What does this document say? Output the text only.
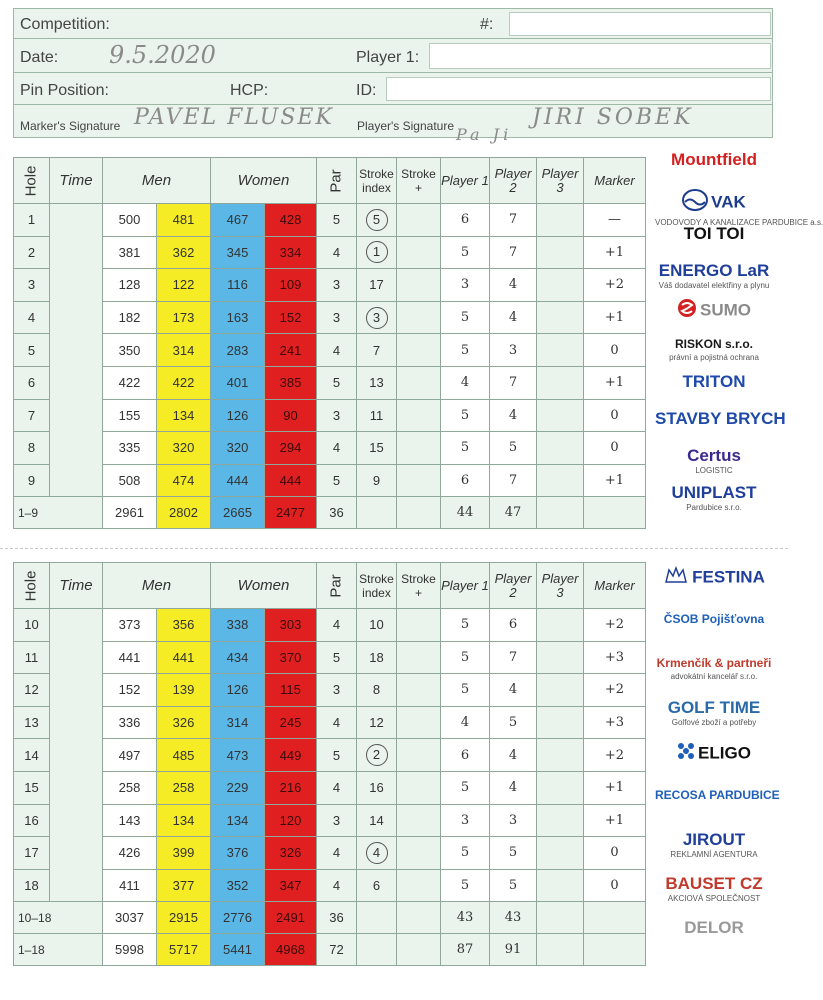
Competition:	#:
Date: 9.5.2020	Player 1:
Pin Position:	HCP:	ID:
Marker's Signature PAVEL FLUSEK Player's Signature	JIRI SOBEK
Pa Ji
Hole	Time	Men		Women		Par	Stroke index	Stroke +	Player 1	Player 2	Player 3	Marker
1		500	481	467	428	5	5		6	7		—
2		381	362	345	334	4	1		5	7		+1
3		128	122	116	109	3	17		3	4		+2
4		182	173	163	152	3	3		5	4		+1
5		350	314	283	241	4	7		5	3		0
6		422	422	401	385	5	13		4	7		+1
7		155	134	126	90	3	11		5	4		0
8		335	320	320	294	4	15		5	5		0
9		508	474	444	444	5	9		6	7		+1
1–9		2961	2802	2665	2477	36			44	47		
Hole	Time	Men		Women		Par	Stroke index	Stroke +	Player 1	Player 2	Player 3	Marker
10		373	356	338	303	4	10		5	6		+2
11		441	441	434	370	5	18		5	7		+3
12		152	139	126	115	3	8		5	4		+2
13		336	326	314	245	4	12		4	5		+3
14		497	485	473	449	5	2		6	4		+2
15		258	258	229	216	4	16		5	4		+1
16		143	134	134	120	3	14		3	3		+1
17		426	399	376	326	4	4		5	5		0
18		411	377	352	347	4	6		5	5		0
10–18		3037	2915	2776	2491	36			43	43		
1–18		5998	5717	5441	4968	72			87	91		
Mountfield
VAK
VODOVODY A KANALIZACE PARDUBICE a.s.
TOI TOI
ENERGO LaR
Váš dodavatel elektřiny a plynu
SUMO
RISKON s.r.o.
právní a pojistná ochrana
TRITON
STAVBY BRYCH
Certus
LOGISTIC
UNIPLAST
Pardubice s.r.o.
FESTINA
ČSOB Pojišťovna
Krmenčík & partneři
advokátní kancelář s.r.o.
GOLF TIME
Golfové zboží a potřeby
ELIGO
RECOSA PARDUBICE
JIROUT
REKLAMNÍ AGENTURA
BAUSET CZ
AKCIOVÁ SPOLEČNOST
DELOR
